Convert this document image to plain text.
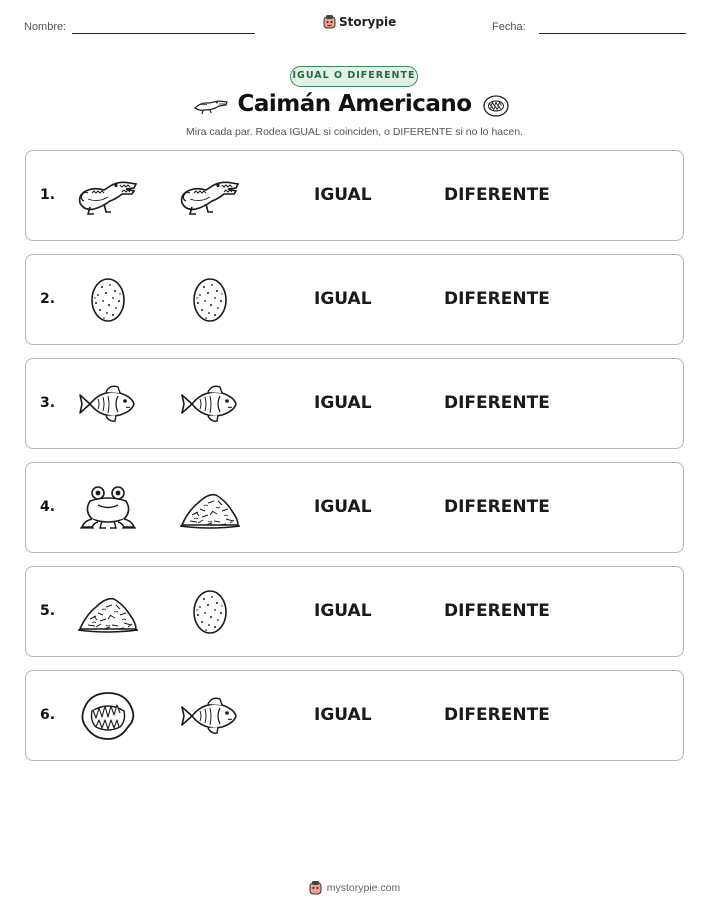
Nombre:	Storypie	Fecha:
IGUAL O DIFERENTE
Caimán Americano
Mira cada par. Rodea IGUAL si coinciden, o DIFERENTE si no lo hacen.
1.	IGUAL	DIFERENTE
2.	IGUAL	DIFERENTE
3.	IGUAL	DIFERENTE
4.	IGUAL	DIFERENTE
5.	IGUAL	DIFERENTE
6.	IGUAL	DIFERENTE
mystorypie.com
